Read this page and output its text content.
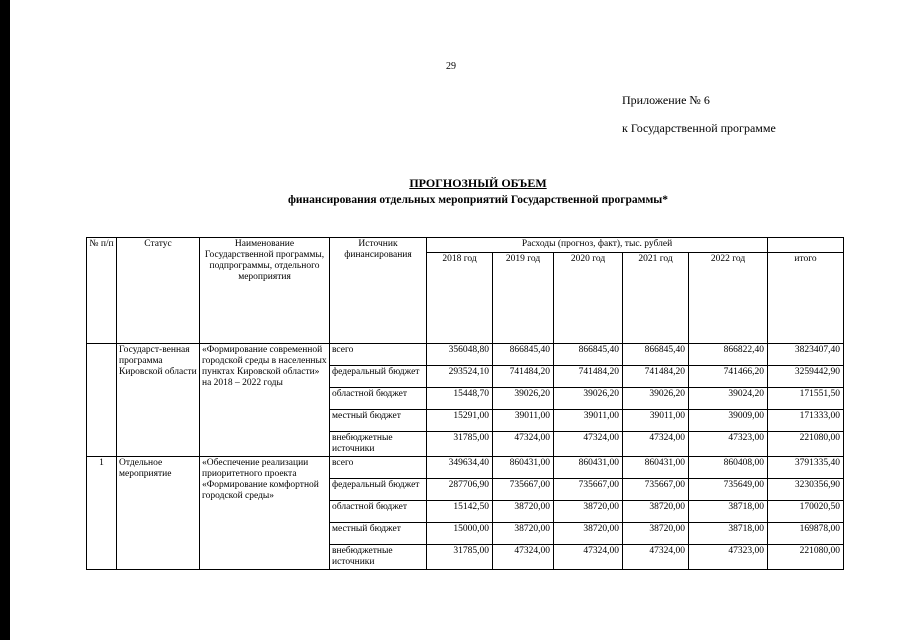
29
Приложение № 6
к Государственной программе
ПРОГНОЗНЫЙ ОБЪЕМ
финансирования отдельных мероприятий Государственной программы*
№ п/п	Статус	Наименование Государственной программы, подпрограммы, отдельного мероприятия	Источник финансирования	Расходы (прогноз, факт), тыс. рублей					
				2018 год	2019 год	2020 год	2021 год	2022 год	итого
	Государст-венная программа Кировской области	«Формирование современной городской среды в населенных пунктах Кировской области» на 2018 – 2022 годы	всего	356048,80	866845,40	866845,40	866845,40	866822,40	3823407,40
			федеральный бюджет	293524,10	741484,20	741484,20	741484,20	741466,20	3259442,90
			областной бюджет	15448,70	39026,20	39026,20	39026,20	39024,20	171551,50
			местный бюджет	15291,00	39011,00	39011,00	39011,00	39009,00	171333,00
			внебюджетные источники	31785,00	47324,00	47324,00	47324,00	47323,00	221080,00
1	Отдельное мероприятие	«Обеспечение реализации приоритетного проекта «Формирование комфортной городской среды»	всего	349634,40	860431,00	860431,00	860431,00	860408,00	3791335,40
			федеральный бюджет	287706,90	735667,00	735667,00	735667,00	735649,00	3230356,90
			областной бюджет	15142,50	38720,00	38720,00	38720,00	38718,00	170020,50
			местный бюджет	15000,00	38720,00	38720,00	38720,00	38718,00	169878,00
			внебюджетные источники	31785,00	47324,00	47324,00	47324,00	47323,00	221080,00
